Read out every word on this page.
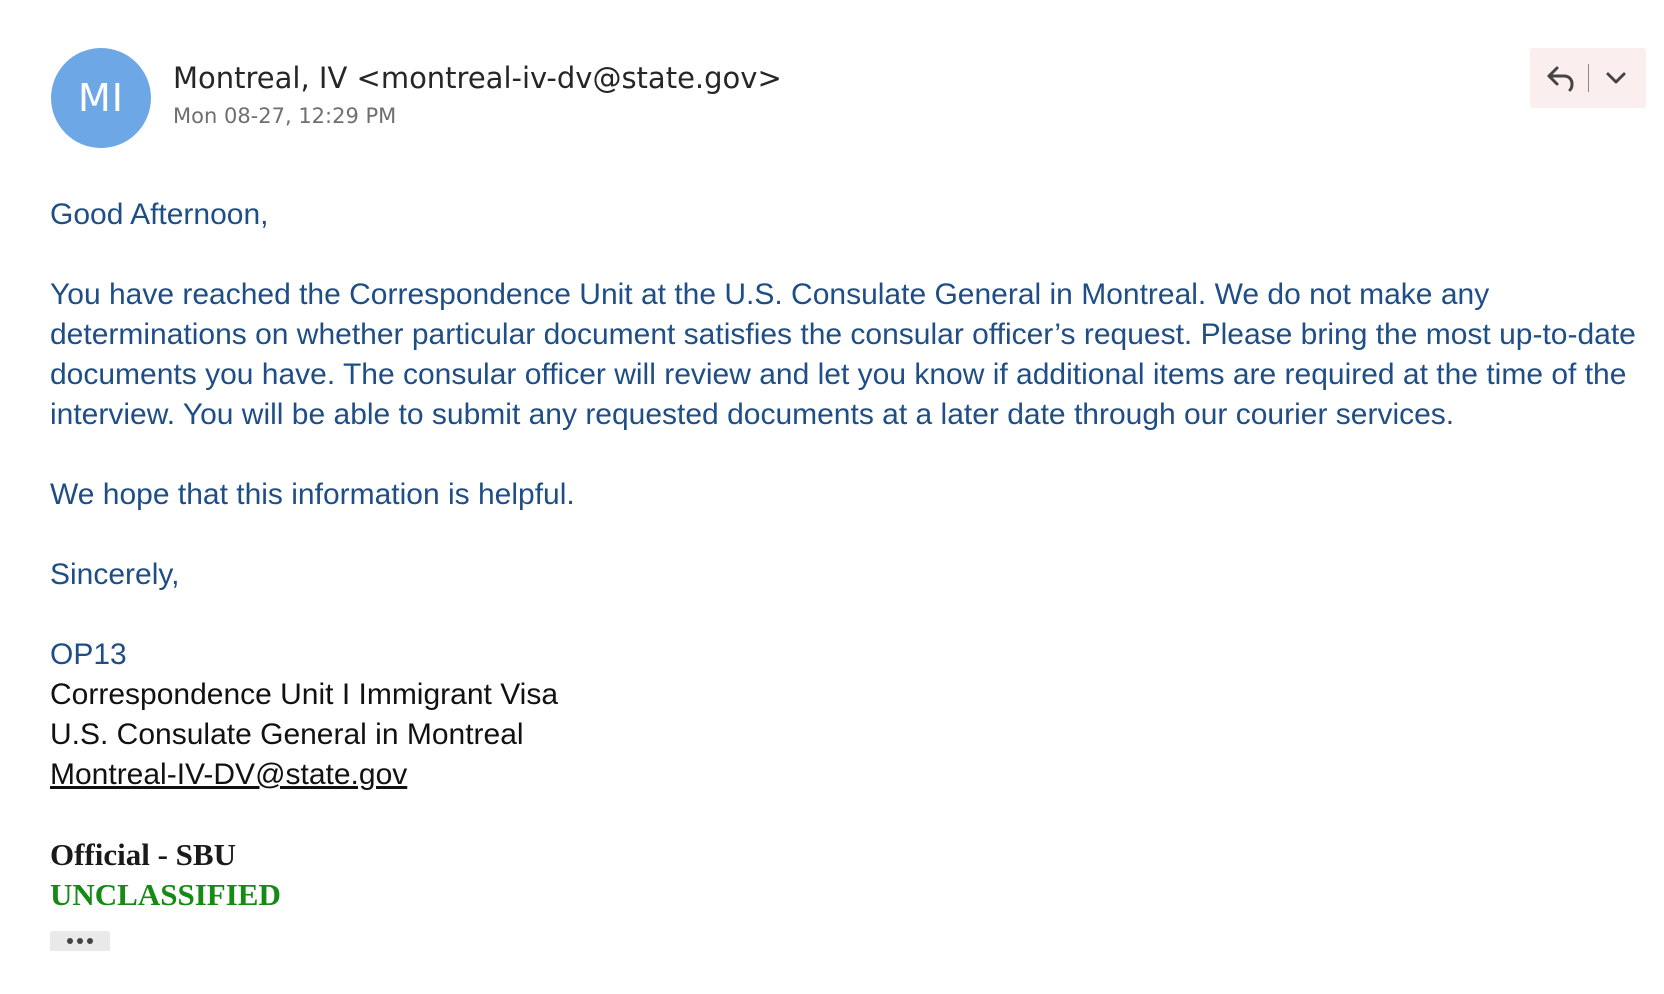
MI Montreal, IV <montreal-iv-dv@state.gov>
Mon 08-27, 12:29 PM

Good Afternoon,

You have reached the Correspondence Unit at the U.S. Consulate General in Montreal. We do not make any determinations on whether particular document satisfies the consular officer’s request. Please bring the most up-to-date documents you have. The consular officer will review and let you know if additional items are required at the time of the interview. You will be able to submit any requested documents at a later date through our courier services.

We hope that this information is helpful.

Sincerely,

OP13

Correspondence Unit I Immigrant Visa

U.S. Consulate General in Montreal

Montreal-IV-DV@state.gov

Official - SBU

UNCLASSIFIED
